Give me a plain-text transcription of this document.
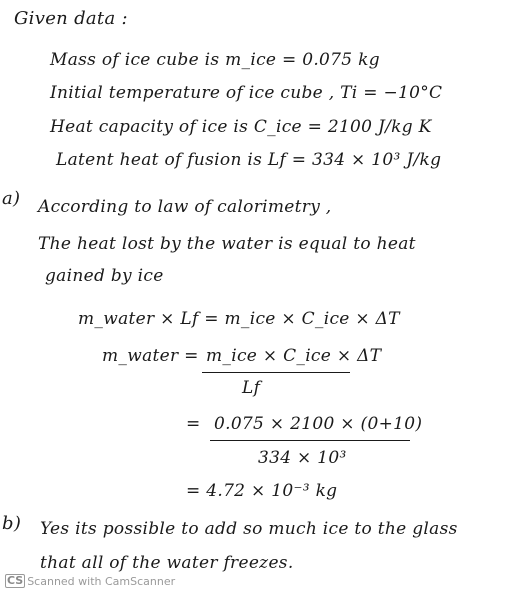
Given data :
Mass of ice cube is m_ice = 0.075 kg
Initial temperature of ice cube , Ti = −10°C
Heat capacity of ice is C_ice = 2100 J/kg K
Latent heat of fusion is Lf = 334 × 10³ J/kg
a) According to law of calorimetry ,
The heat lost by the water is equal to heat
gained by ice
m_water × Lf = m_ice × C_ice × ΔT
m_water = m_ice × C_ice × ΔT
Lf
= 0.075 × 2100 × (0+10)
334 × 10³
= 4.72 × 10⁻³ kg
b) Yes its possible to add so much ice to the glass
that all of the water freezes.
CS Scanned with CamScanner
